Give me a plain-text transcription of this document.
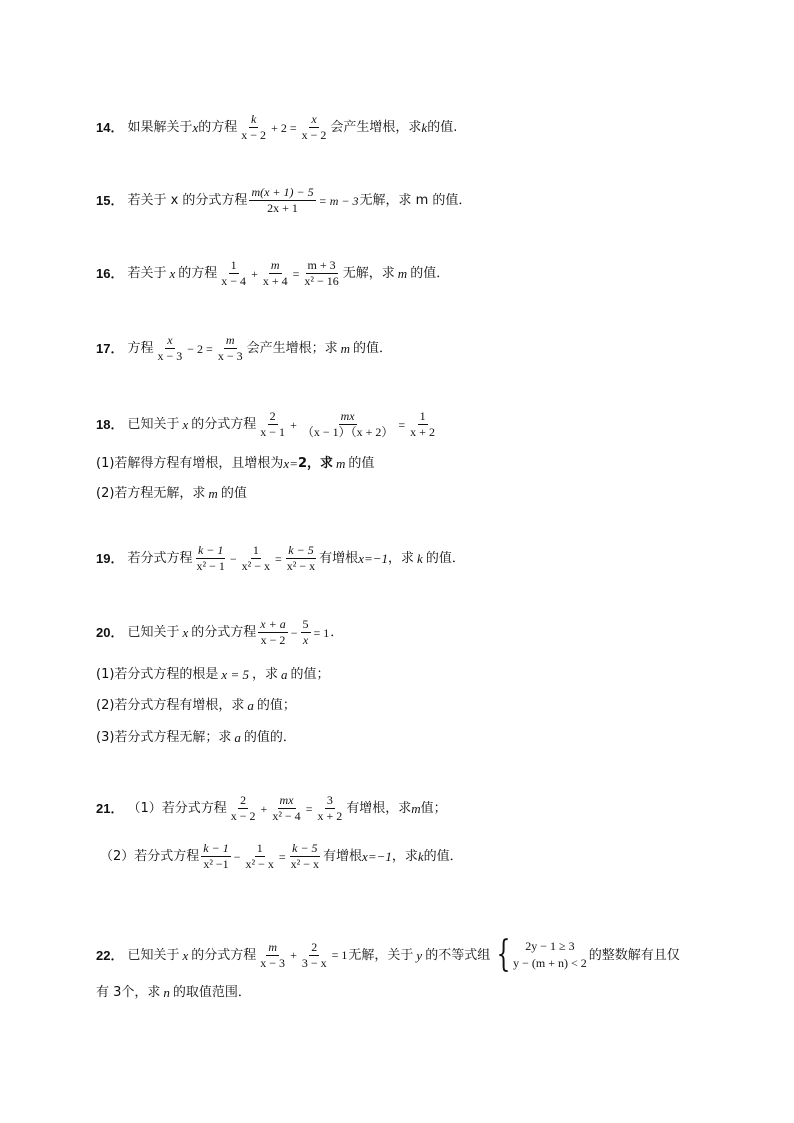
14． 如果解关于 x 的方程 $\frac{k}{x - 2} + 2 = \frac{x}{x - 2}$ 会产生增根，求 k 的值.
15． 若关于 x 的分式方程 $\frac{m(x + 1) - 5}{2x + 1} = m - 3$ 无解，求 m 的值．
16． 若关于 x 的方程 $\frac{1}{x - 4} + \frac{m}{x + 4} = \frac{m + 3}{\text{x² − 16}}$ 无解，求 m 的值．
17． 方程 $\frac{x}{x - 3} - 2 = \frac{m}{x - 3}$ 会产生增根；求 m 的值．
18． 已知关于 x 的分式方程 $\frac{2}{x - 1} + \frac{mx}{(x - 1)(x + 2)} = \frac{1}{x + 2}$
(1)若解得方程有增根，且增根为 x= 2，求 m 的值
(2)若方程无解，求 m 的值
19． 若分式方程 $\frac{k - 1}{\text{x² − 1}} - \frac{1}{\text{x² − x}} = \frac{k - 5}{\text{x² − x}}$ 有增根 x=−1 ，求 k 的值．
20． 已知关于 x 的分式方程 $\frac{x + a}{x - 2} - \frac{5}{x} = 1$ ．
(1)若分式方程的根是 x = 5 ，求 a 的值；
(2)若分式方程有增根，求 a 的值；
(3)若分式方程无解；求 a 的值的．
21． （1）若分式方程 $\frac{2}{x - 2} + \frac{mx}{\text{x² − 4}} = \frac{3}{x + 2}$ 有增根，求 m 值；
（2）若分式方程 $\frac{k - 1}{\text{x² −1}} - \frac{1}{\text{x² − x}} = \frac{k - 5}{\text{x² − x}}$ 有增根 x=−1 ，求 k 的值．
22． 已知关于 x 的分式方程 $\frac{m}{x - 3} + \frac{2}{3 - x} = 1$ 无解，关于 y 的不等式组 {	2y − 1 ≥ 3
y − (m + n) < 2
的整数解有且仅
有 3个，求 n 的取值范围．
